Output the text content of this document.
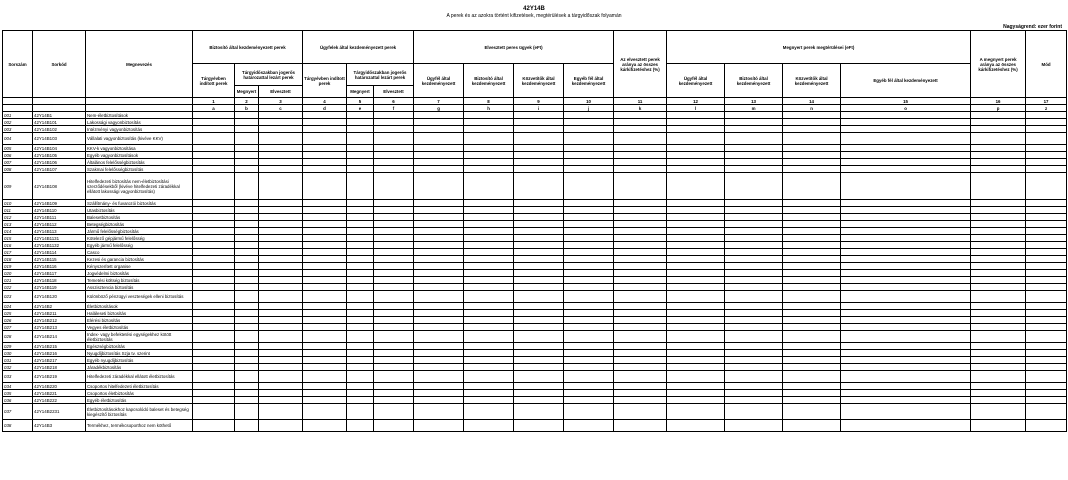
42Y14B
A perek és az azokra történt kifizetések, megtérülések a tárgyidőszak folyamán
Nagyságrend: ezer forint
Sorszám	Sorkód	Megnevezés	Biztosító által kezdeményezett perek			Ügyfelek által kezdeményezett perek			Elvesztett peres ügyek (eFt)				Az elvesztett perek aránya az összes kárkifizetéshez (%)	Megnyert perek megtérülései (eFt)				A megnyert perek aránya az összes kárkifizetéshez (%)	Mód
			Tárgyévben indított perek	Tárgyidőszakban jogerős határozattal lezárt perek		Tárgyévben indított perek	Tárgyidőszakban jogerős határozattal lezárt perek		Ügyfél által kezdeményezett	Biztosító által kezdeményezett	Közvetítők által kezdeményezett	Egyéb fél által kezdeményezett		Ügyfél által kezdeményezett	Biztosító által kezdeményezett	Közvetítők által kezdeményezett	Egyéb fél által kezdeményezett		
				Megnyert	Elvesztett		Megnyert	Elvesztett											
			1	2	3	4	5	6	7	8	9	10	11	12	13	14	15	16	17
			a	b	c	d	e	f	g	h	i	j	k	l	m	n	o	p	z
001	42Y14B1	Nem-életbiztosítások																	
002	42Y14B101	Lakossági vagyonbiztosítás																	
003	42Y14B102	Intézményi vagyonbiztosítás																	
004	42Y14B103	Vállalati vagyonbiztosítás (kivéve KKV)																	
005	42Y14B104	KKV-k vagyonbiztosítása																	
006	42Y14B105	Egyéb vagyonbiztosítások																	
007	42Y14B106	Általános felelősségbiztosítás																	
008	42Y14B107	Szakmai felelősségbiztosítás																	
009	42Y14B108	Hitelfedezeti biztosítás nem-életbiztosítási szerződésekből (kivéve hitelfedezeti záradékkal ellátott lakossági vagyonbiztosítás)																	
010	42Y14B109	Szállítmány- és fuvarozói biztosítás																	
011	42Y14B110	Utasbiztosítás																	
012	42Y14B111	Balesetbiztosítás																	
013	42Y14B112	Betegségbiztosítás																	
014	42Y14B113	Jármű felelősségbiztosítás																	
015	42Y14B1131	Kötelező gépjármű felelősség																	
016	42Y14B1132	Egyéb jármű felelősség																	
017	42Y14B114	Casco																	
018	42Y14B115	Kezesi és garancia biztosítás																	
019	42Y14B116	Kényszerített organise																	
020	42Y14B117	Jogvédelmi biztosítás																	
021	42Y14B118	Temetési költség biztosítás																	
022	42Y14B119	Asszisztencia biztosítás																	
023	42Y14B120	Különböző pénzügyi veszteségek elleni biztosítás																	
024	42Y14B2	Életbiztosítások																	
025	42Y14B211	Haláleseti biztosítás																	
026	42Y14B212	Elérési biztosítás																	
027	42Y14B213	Vegyes életbiztosítás																	
028	42Y14B214	Index- vagy befektetési egységekhez kötött életbiztosítás																	
029	42Y14B215	Egészségbiztosítás																	
030	42Y14B216	Nyugdíjbiztosítás Szja tv. szerint																	
031	42Y14B217	Egyéb nyugdíjbiztosítás																	
032	42Y14B218	Járadékbiztosítás																	
033	42Y14B219	Hitelfedezeti záradékkal ellátott életbiztosítás																	
034	42Y14B220	Csoportos hitelfedezeti életbiztosítás																	
035	42Y14B221	Csoportos életbiztosítás																	
036	42Y14B222	Egyéb életbiztosítás																	
037	42Y14B2231	Életbiztosításokhoz kapcsolódó baleset és betegség kiegészítő biztosítás																	
038	42Y14B3	Termékhez, termékcsoporthoz nem köthető																	
